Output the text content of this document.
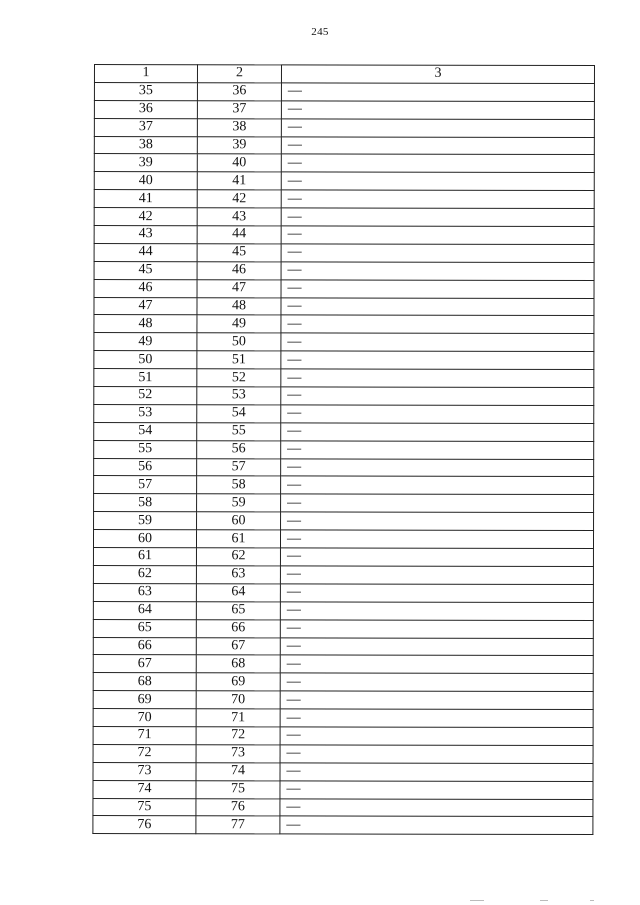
245
1	2	3
35	36	—
36	37	—
37	38	—
38	39	—
39	40	—
40	41	—
41	42	—
42	43	—
43	44	—
44	45	—
45	46	—
46	47	—
47	48	—
48	49	—
49	50	—
50	51	—
51	52	—
52	53	—
53	54	—
54	55	—
55	56	—
56	57	—
57	58	—
58	59	—
59	60	—
60	61	—
61	62	—
62	63	—
63	64	—
64	65	—
65	66	—
66	67	—
67	68	—
68	69	—
69	70	—
70	71	—
71	72	—
72	73	—
73	74	—
74	75	—
75	76	—
76	77	—
